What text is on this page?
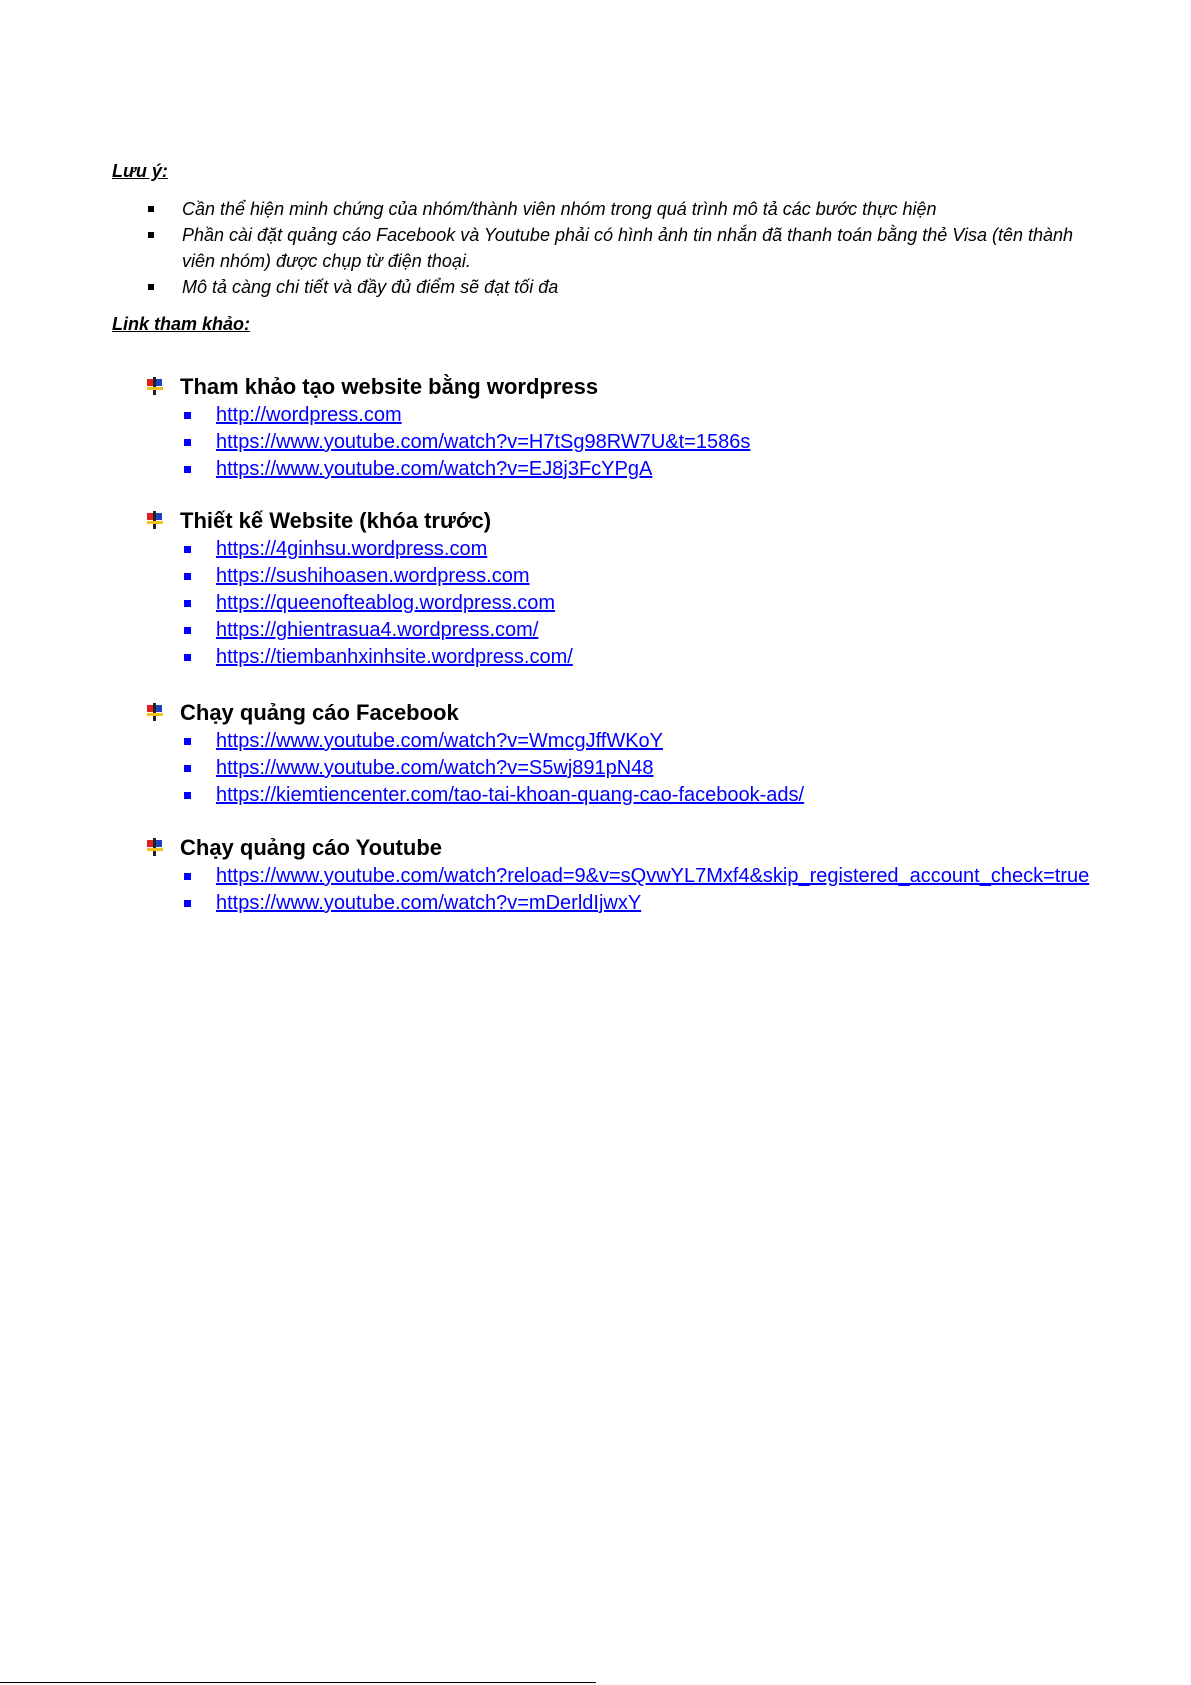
Lưu ý:

Cần thể hiện minh chứng của nhóm/thành viên nhóm trong quá trình mô tả các bước thực hiện
Phần cài đặt quảng cáo Facebook và Youtube phải có hình ảnh tin nhắn đã thanh toán bằng thẻ Visa (tên thành viên nhóm) được chụp từ điện thoại.
Mô tả càng chi tiết và đầy đủ điểm sẽ đạt tối đa

Link tham khảo:

Tham khảo tạo website bằng wordpress
http://wordpress.com
https://www.youtube.com/watch?v=H7tSg98RW7U&t=1586s
https://www.youtube.com/watch?v=EJ8j3FcYPgA
Thiết kế Website (khóa trước)
https://4ginhsu.wordpress.com
https://sushihoasen.wordpress.com
https://queenofteablog.wordpress.com
https://ghientrasua4.wordpress.com/
https://tiembanhxinhsite.wordpress.com/
Chạy quảng cáo Facebook
https://www.youtube.com/watch?v=WmcgJffWKoY
https://www.youtube.com/watch?v=S5wj891pN48
https://kiemtiencenter.com/tao-tai-khoan-quang-cao-facebook-ads/
Chạy quảng cáo Youtube
https://www.youtube.com/watch?reload=9&v=sQvwYL7Mxf4&skip_registered_account_check=true
https://www.youtube.com/watch?v=mDerldIjwxY
